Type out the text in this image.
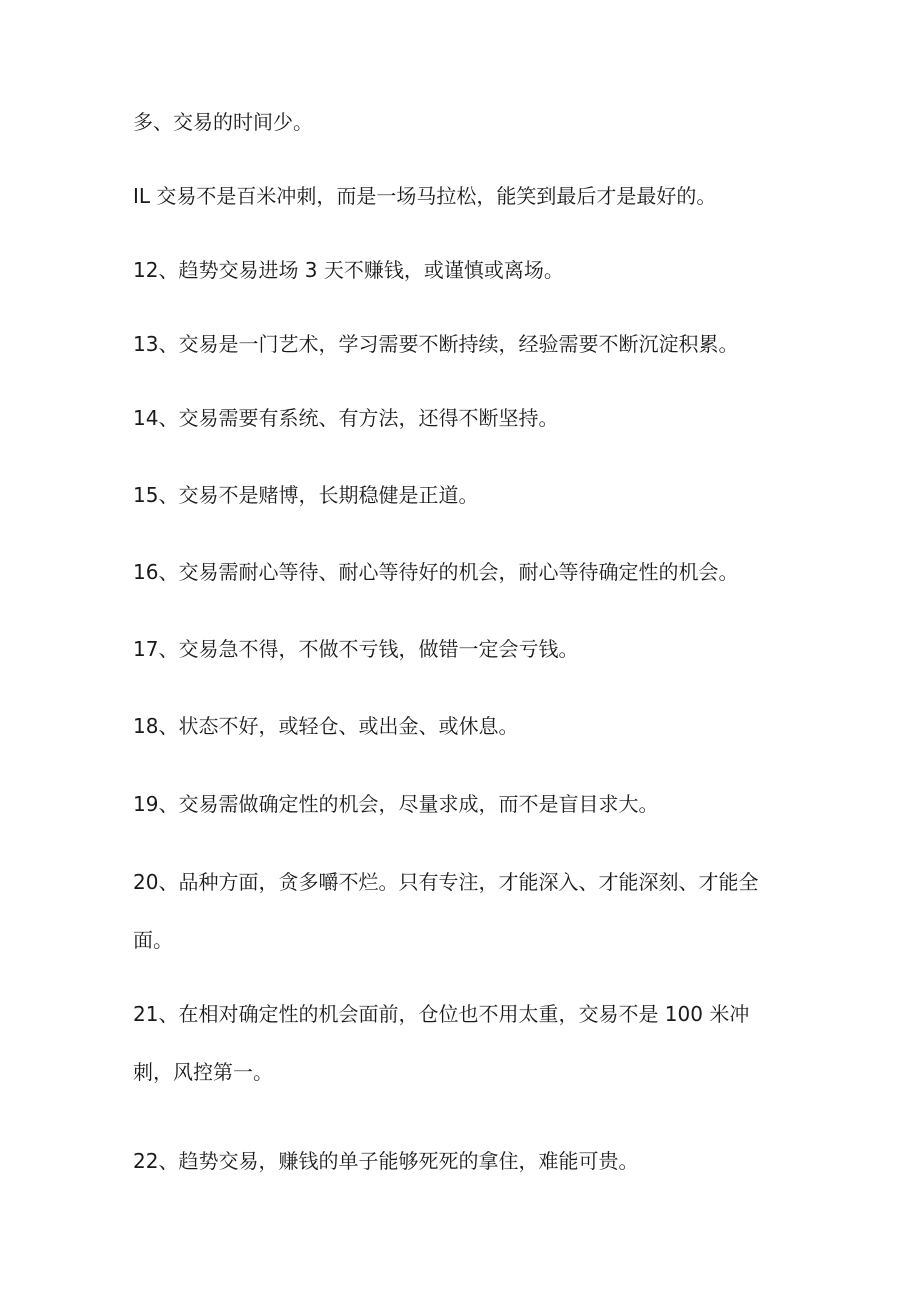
多、交易的时间少。
IL 交易不是百米冲刺，而是一场马拉松，能笑到最后才是最好的。
12、趋势交易进场 3 天不赚钱，或谨慎或离场。
13、交易是一门艺术，学习需要不断持续，经验需要不断沉淀积累。
14、交易需要有系统、有方法，还得不断坚持。
15、交易不是赌博，长期稳健是正道。
16、交易需耐心等待、耐心等待好的机会，耐心等待确定性的机会。
17、交易急不得，不做不亏钱，做错一定会亏钱。
18、状态不好，或轻仓、或出金、或休息。
19、交易需做确定性的机会，尽量求成，而不是盲目求大。
20、品种方面，贪多嚼不烂。只有专注，才能深入、才能深刻、才能全
面。
21、在相对确定性的机会面前，仓位也不用太重，交易不是 100 米冲
刺，风控第一。
22、趋势交易，赚钱的单子能够死死的拿住，难能可贵。
